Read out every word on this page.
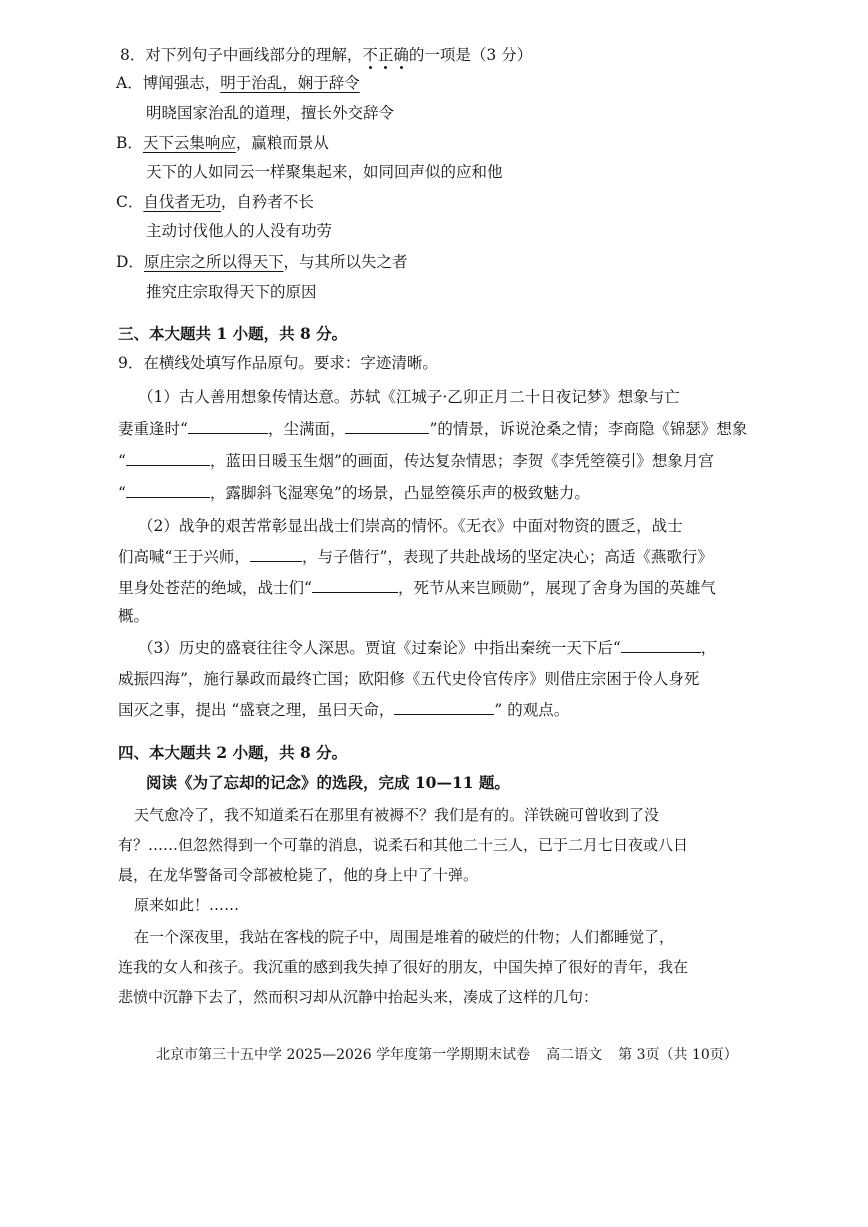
8．对下列句子中画线部分的理解，不正确的一项是（3 分）
A．博闻强志，明于治乱，娴于辞令
明晓国家治乱的道理，擅长外交辞令
B．天下云集响应，赢粮而景从
天下的人如同云一样聚集起来，如同回声似的应和他
C．自伐者无功，自矜者不长
主动讨伐他人的人没有功劳
D．原庄宗之所以得天下，与其所以失之者
推究庄宗取得天下的原因
三、本大题共 1 小题，共 8 分。
9．在横线处填写作品原句。要求：字迹清晰。
（1）古人善用想象传情达意。苏轼《江城子·乙卯正月二十日夜记梦》想象与亡
妻重逢时“	，尘满面，	”的情景，诉说沧桑之情；李商隐《锦瑟》想象
“	，蓝田日暖玉生烟”的画面，传达复杂情思；李贺《李凭箜篌引》想象月宫
“	，露脚斜飞湿寒兔”的场景，凸显箜篌乐声的极致魅力。
（2）战争的艰苦常彰显出战士们崇高的情怀。《无衣》中面对物资的匮乏，战士
们高喊“王于兴师，	，与子偕行”，表现了共赴战场的坚定决心；高适《燕歌行》
里身处苍茫的绝域，战士们“	，死节从来岂顾勋”，展现了舍身为国的英雄气
概。
（3）历史的盛衰往往令人深思。贾谊《过秦论》中指出秦统一天下后“	，
威振四海”，施行暴政而最终亡国；欧阳修《五代史伶官传序》则借庄宗困于伶人身死
国灭之事，提出 “盛衰之理，虽曰天命，	” 的观点。
四、本大题共 2 小题，共 8 分。
阅读《为了忘却的记念》的选段，完成 10—11 题。
天气愈冷了，我不知道柔石在那里有被褥不？我们是有的。洋铁碗可曾收到了没
有？……但忽然得到一个可靠的消息，说柔石和其他二十三人，已于二月七日夜或八日
晨，在龙华警备司令部被枪毙了，他的身上中了十弹。
原来如此！……
在一个深夜里，我站在客栈的院子中，周围是堆着的破烂的什物；人们都睡觉了，
连我的女人和孩子。我沉重的感到我失掉了很好的朋友，中国失掉了很好的青年，我在
悲愤中沉静下去了，然而积习却从沉静中抬起头来，凑成了这样的几句：
北京市第三十五中学 2025—2026 学年度第一学期期末试卷 高二语文 第 3页（共 10页）
